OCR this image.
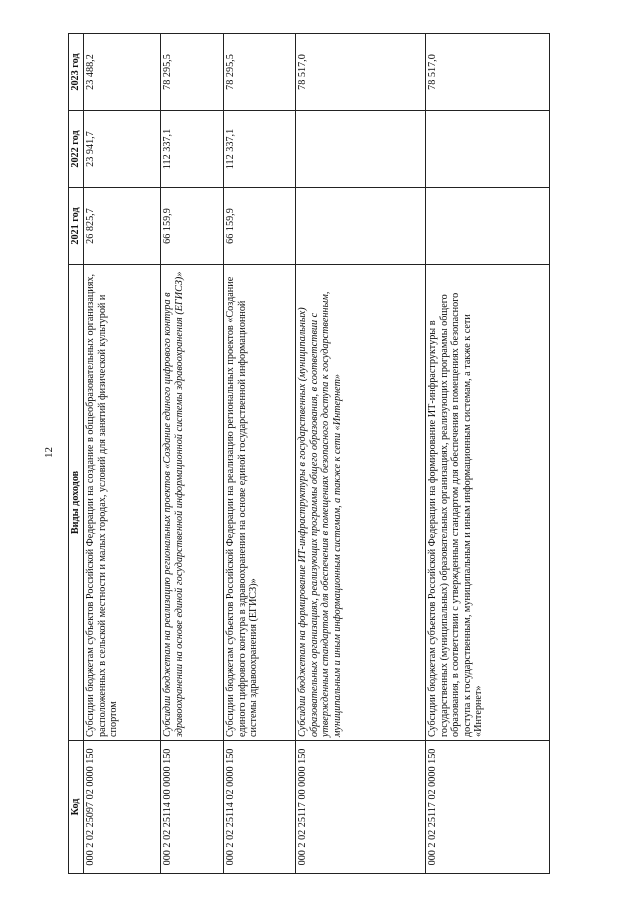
12
Код	Виды доходов	2021 год	2022 год	2023 год
000 2 02 25097 02 0000 150	Субсидии бюджетам субъектов Российской Федерации на создание в общеобразовательных организациях, расположенных в сельской местности и малых городах, условий для занятий физической культурой и спортом	26 825,7	23 941,7	23 488,2
000 2 02 25114 00 0000 150	Субсидии бюджетам на реализацию региональных проектов «Создание единого цифрового контура в здравоохранении на основе единой государственной информационной системы здравоохранения (ЕГИСЗ)»	66 159,9	112 337,1	78 295,5
000 2 02 25114 02 0000 150	Субсидии бюджетам субъектов Российской Федерации на реализацию региональных проектов «Создание единого цифрового контура в здравоохранении на основе единой государственной информационной системы здравоохранения (ЕГИСЗ)»	66 159,9	112 337,1	78 295,5
000 2 02 25117 00 0000 150	Субсидии бюджетам на формирование ИТ-инфраструктуры в государственных (муниципальных) образовательных организациях, реализующих программы общего образования, в соответствии с утвержденным стандартом для обеспечения в помещениях безопасного доступа к государственным, муниципальным и иным информационным системам, а также к сети «Интернет»			78 517,0
000 2 02 25117 02 0000 150	Субсидии бюджетам субъектов Российской Федерации на формирование ИТ-инфраструктуры в государственных (муниципальных) образовательных организациях, реализующих программы общего образования, в соответствии с утвержденным стандартом для обеспечения в помещениях безопасного доступа к государственным, муниципальным и иным информационным системам, а также к сети «Интернет»			78 517,0
